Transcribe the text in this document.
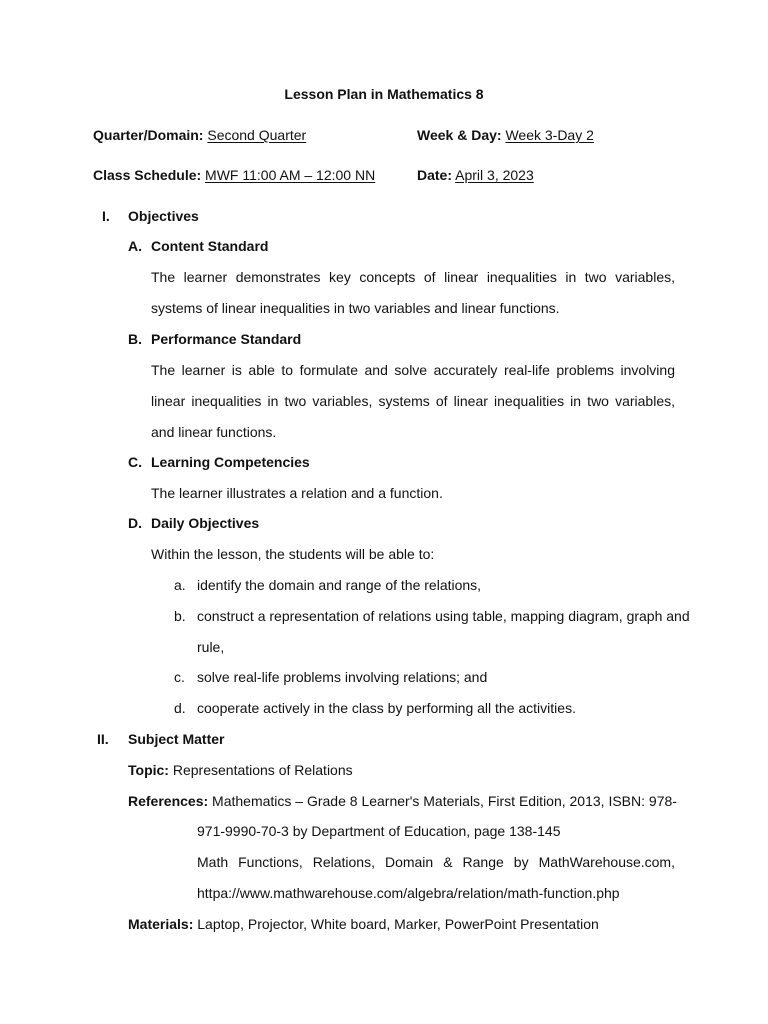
Lesson Plan in Mathematics 8
Quarter/Domain: Second Quarter	Week & Day: Week 3-Day 2
Class Schedule: MWF 11:00 AM – 12:00 NN	Date: April 3, 2023
I. Objectives
A. Content Standard
The learner demonstrates key concepts of linear inequalities in two variables,
systems of linear inequalities in two variables and linear functions.
B. Performance Standard
The learner is able to formulate and solve accurately real-life problems involving
linear inequalities in two variables, systems of linear inequalities in two variables,
and linear functions.
C. Learning Competencies
The learner illustrates a relation and a function.
D. Daily Objectives
Within the lesson, the students will be able to:
a. identify the domain and range of the relations,
b. construct a representation of relations using table, mapping diagram, graph and
rule,
c. solve real-life problems involving relations; and
d. cooperate actively in the class by performing all the activities.
II. Subject Matter
Topic: Representations of Relations
References: Mathematics – Grade 8 Learner's Materials, First Edition, 2013, ISBN: 978-
971-9990-70-3 by Department of Education, page 138-145
Math Functions, Relations, Domain & Range by MathWarehouse.com,
httpa://www.mathwarehouse.com/algebra/relation/math-function.php
Materials: Laptop, Projector, White board, Marker, PowerPoint Presentation
